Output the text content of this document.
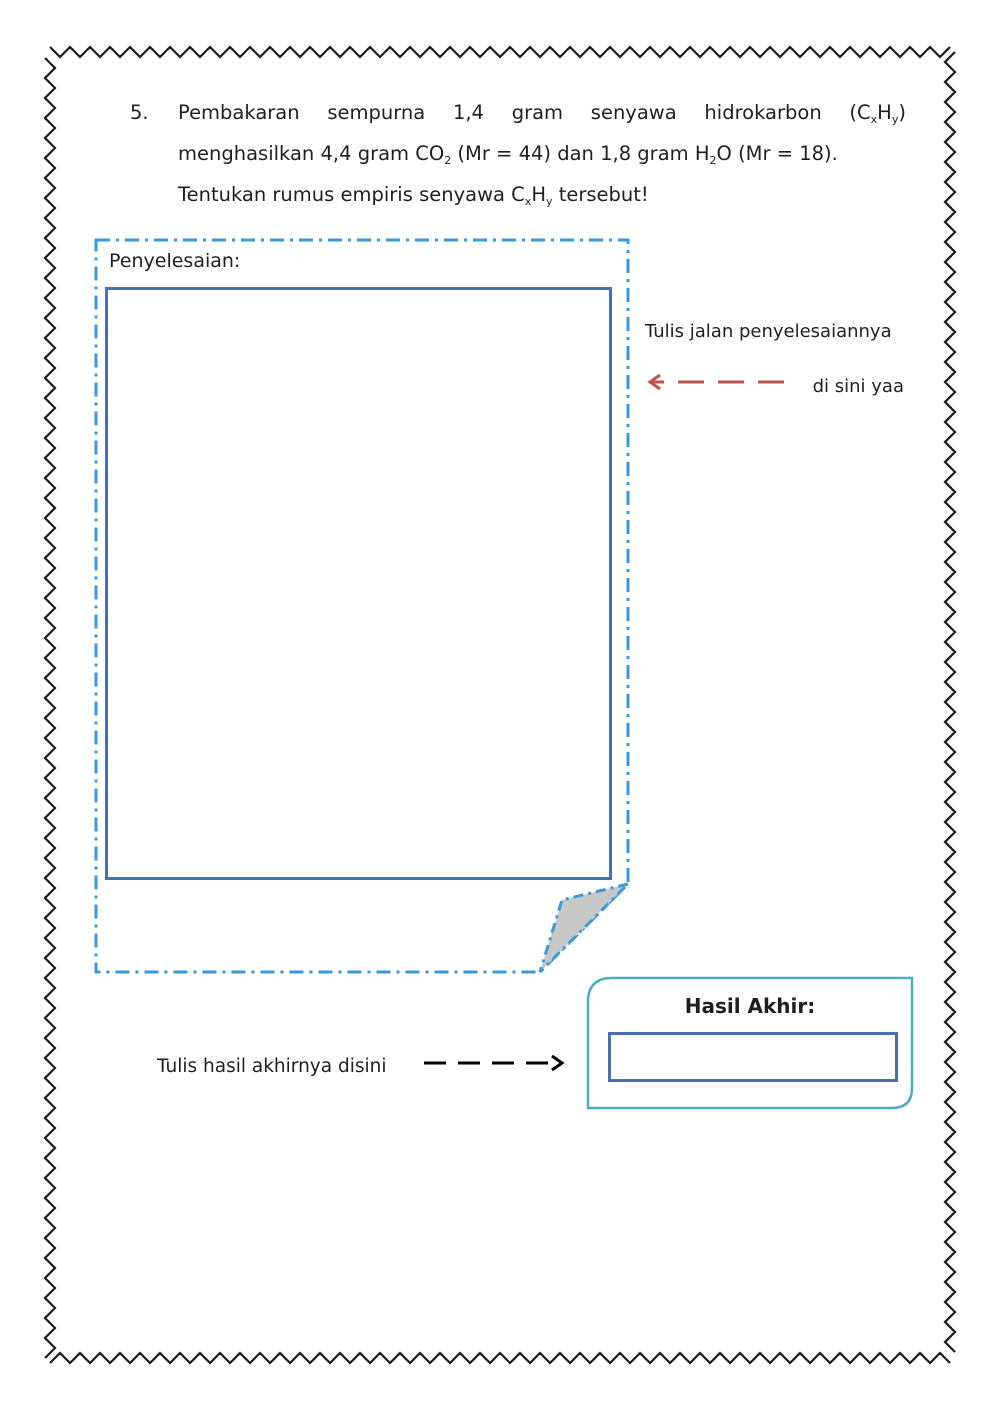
5. Pembakaran sempurna 1,4 gram senyawa hidrokarbon $(C_xH_y)$
menghasilkan 4,4 gram $CO_2$ (Mr = 44) dan 1,8 gram $H_2O$ (Mr = 18).
Tentukan rumus empiris senyawa $C_xH_y$ tersebut!
Penyelesaian:
Tulis jalan penyelesaiannya
di sini yaa
Hasil Akhir:
Tulis hasil akhirnya disini
